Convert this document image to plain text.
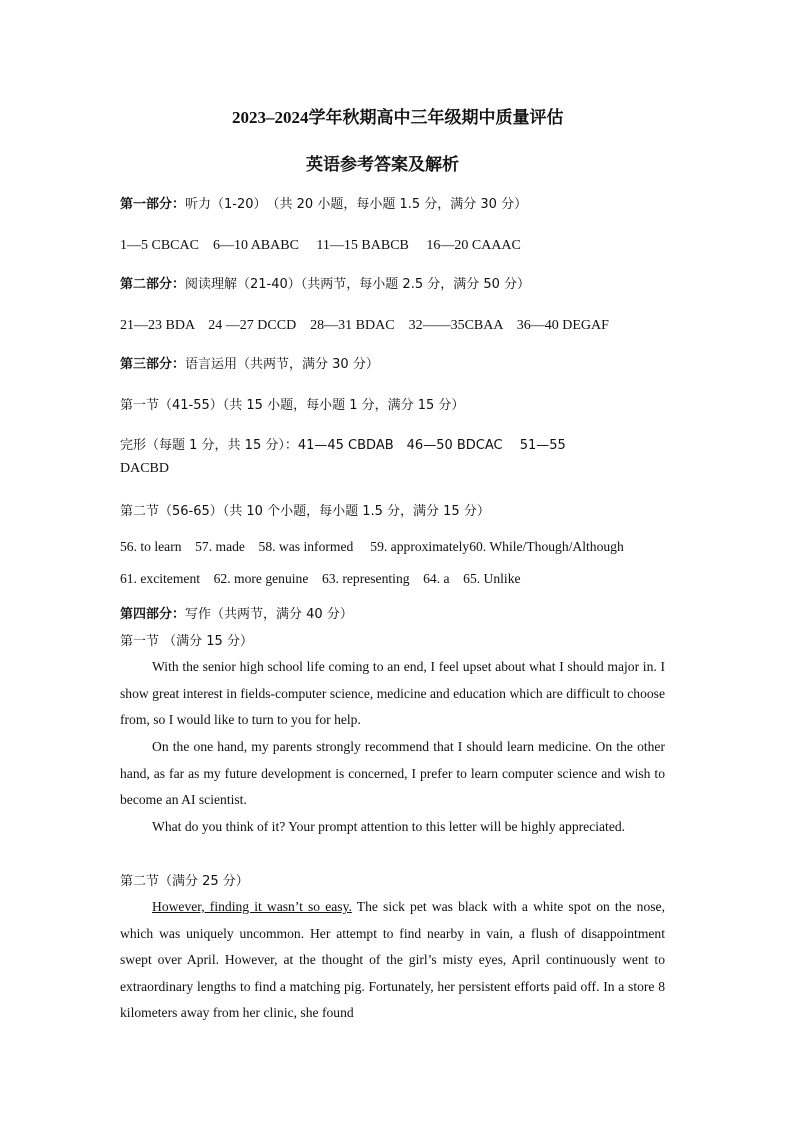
2023–2024学年秋期高中三年级期中质量评估
英语参考答案及解析
第一部分：听力（1-20）　（共 20 小题，每小题 1.5 分，满分 30 分）
1—5 CBCAC　6—10 ABABC　 11—15 BABCB　 16—20 CAAAC
第二部分：阅读理解（21-40）（共两节，每小题 2.5 分，满分 50 分）
21—23 BDA　24 —27 DCCD　28—31 BDAC　32——35CBAA　36—40 DEGAF
第三部分：语言运用（共两节，满分 30 分）
第一节（41-55）（共 15 小题，每小题 1 分，满分 15 分）
完形（每题 1 分，共 15 分）：41—45 CBDAB　46—50 BDCAC　 51—55
DACBD
第二节（56-65）（共 10 个小题，每小题 1.5 分，满分 15 分）
56. to learn　57. made　58. was informed　 59. approximately60. While/Though/Although
61. excitement　62. more genuine　63. representing　64. a　65. Unlike
第四部分：写作（共两节，满分 40 分）
第一节 （满分 15 分）
With the senior high school life coming to an end, I feel upset about what I should major in. I show great interest in fields-computer science, medicine and education which are difficult to choose from, so I would like to turn to you for help.
On the one hand, my parents strongly recommend that I should learn medicine. On the other hand, as far as my future development is concerned, I prefer to learn computer science and wish to become an AI scientist.
What do you think of it? Your prompt attention to this letter will be highly appreciated.
第二节（满分 25 分）
However, finding it wasn’t so easy. The sick pet was black with a white spot on the nose, which was uniquely uncommon. Her attempt to find nearby in vain, a flush of disappointment swept over April. However, at the thought of the girl’s misty eyes, April continuously went to extraordinary lengths to find a matching pig. Fortunately, her persistent efforts paid off. In a store 8 kilometers away from her clinic, she found
